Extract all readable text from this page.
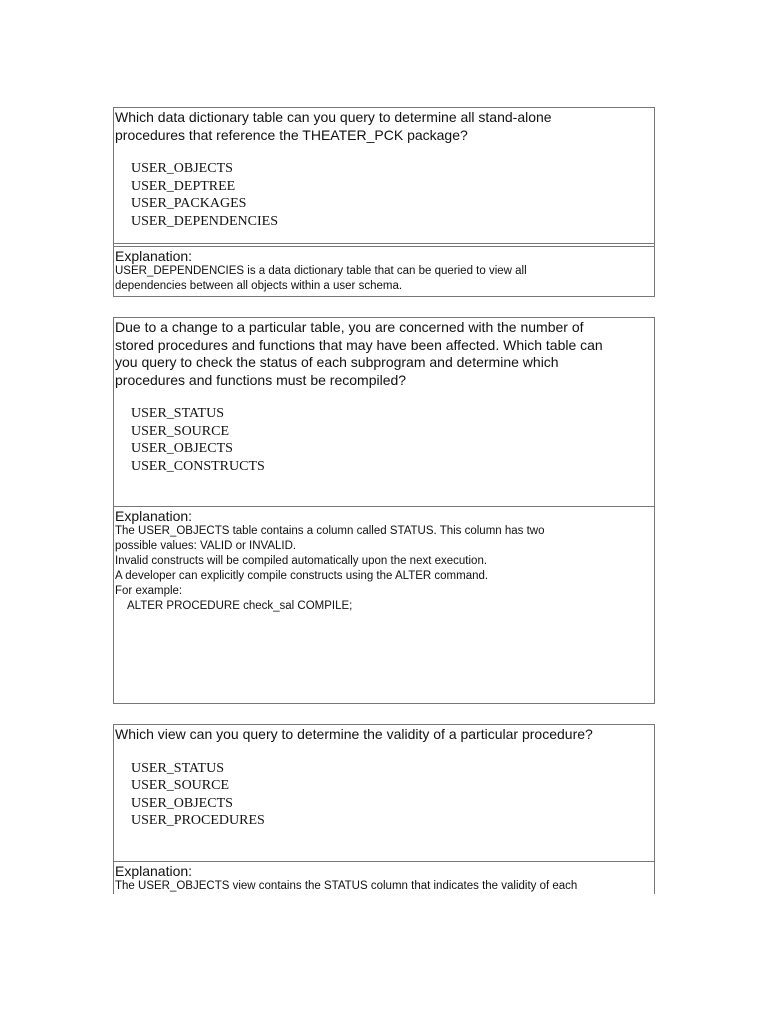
Which data dictionary table can you query to determine all stand-alone
procedures that reference the THEATER_PCK package?

USER_OBJECTS
USER_DEPTREE
USER_PACKAGES
USER_DEPENDENCIES

Explanation:

USER_DEPENDENCIES is a data dictionary table that can be queried to view all
dependencies between all objects within a user schema.

Due to a change to a particular table, you are concerned with the number of
stored procedures and functions that may have been affected. Which table can
you query to check the status of each subprogram and determine which
procedures and functions must be recompiled?

USER_STATUS
USER_SOURCE
USER_OBJECTS
USER_CONSTRUCTS

Explanation:

The USER_OBJECTS table contains a column called STATUS. This column has two
possible values: VALID or INVALID.

Invalid constructs will be compiled automatically upon the next execution.

A developer can explicitly compile constructs using the ALTER command.

For example:

ALTER PROCEDURE check_sal COMPILE;

Which view can you query to determine the validity of a particular procedure?

USER_STATUS
USER_SOURCE
USER_OBJECTS
USER_PROCEDURES

Explanation:

The USER_OBJECTS view contains the STATUS column that indicates the validity of each
